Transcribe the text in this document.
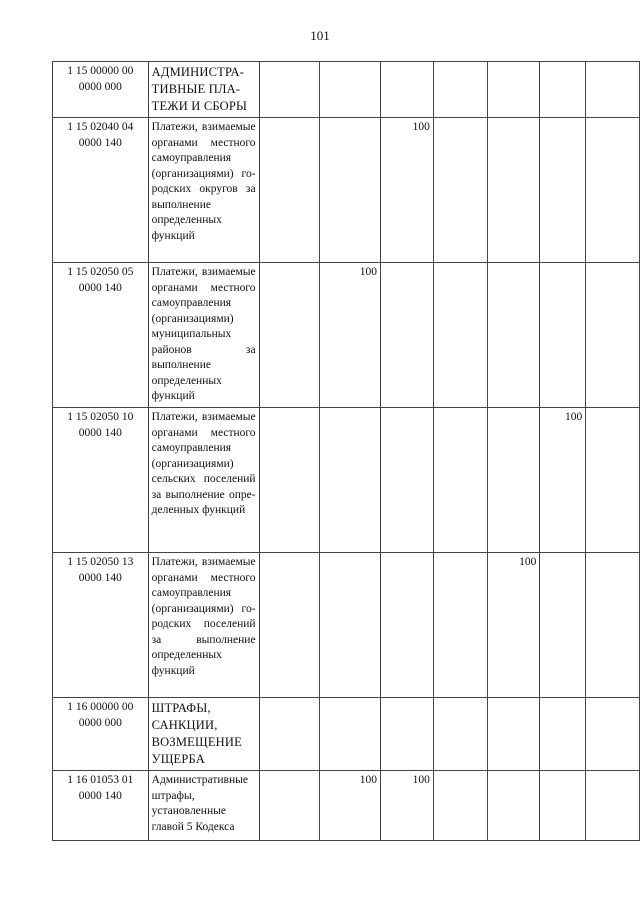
101
1 15 00000 00 0000 000	АДМИНИСТРАТИВНЫЕ ПЛАТЕЖИ И СБОРЫ							
1 15 02040 04 0000 140	Платежи, взимаемые органами местного самоуправления (организациями) городских округов за выполнение определенных функций			100				
1 15 02050 05 0000 140	Платежи, взимаемые органами местного самоуправления (организациями) муниципальных районов за выполнение определенных функций		100					
1 15 02050 10 0000 140	Платежи, взимаемые органами местного самоуправления (организациями) сельских поселений за выполнение определенных функций						100	
1 15 02050 13 0000 140	Платежи, взимаемые органами местного самоуправления (организациями) городских поселений за выполнение определенных функций					100		
1 16 00000 00 0000 000	ШТРАФЫ, САНКЦИИ, ВОЗМЕЩЕНИЕ УЩЕРБА							
1 16 01053 01 0000 140	Административные штрафы, установленные главой 5 Кодекса		100	100				
